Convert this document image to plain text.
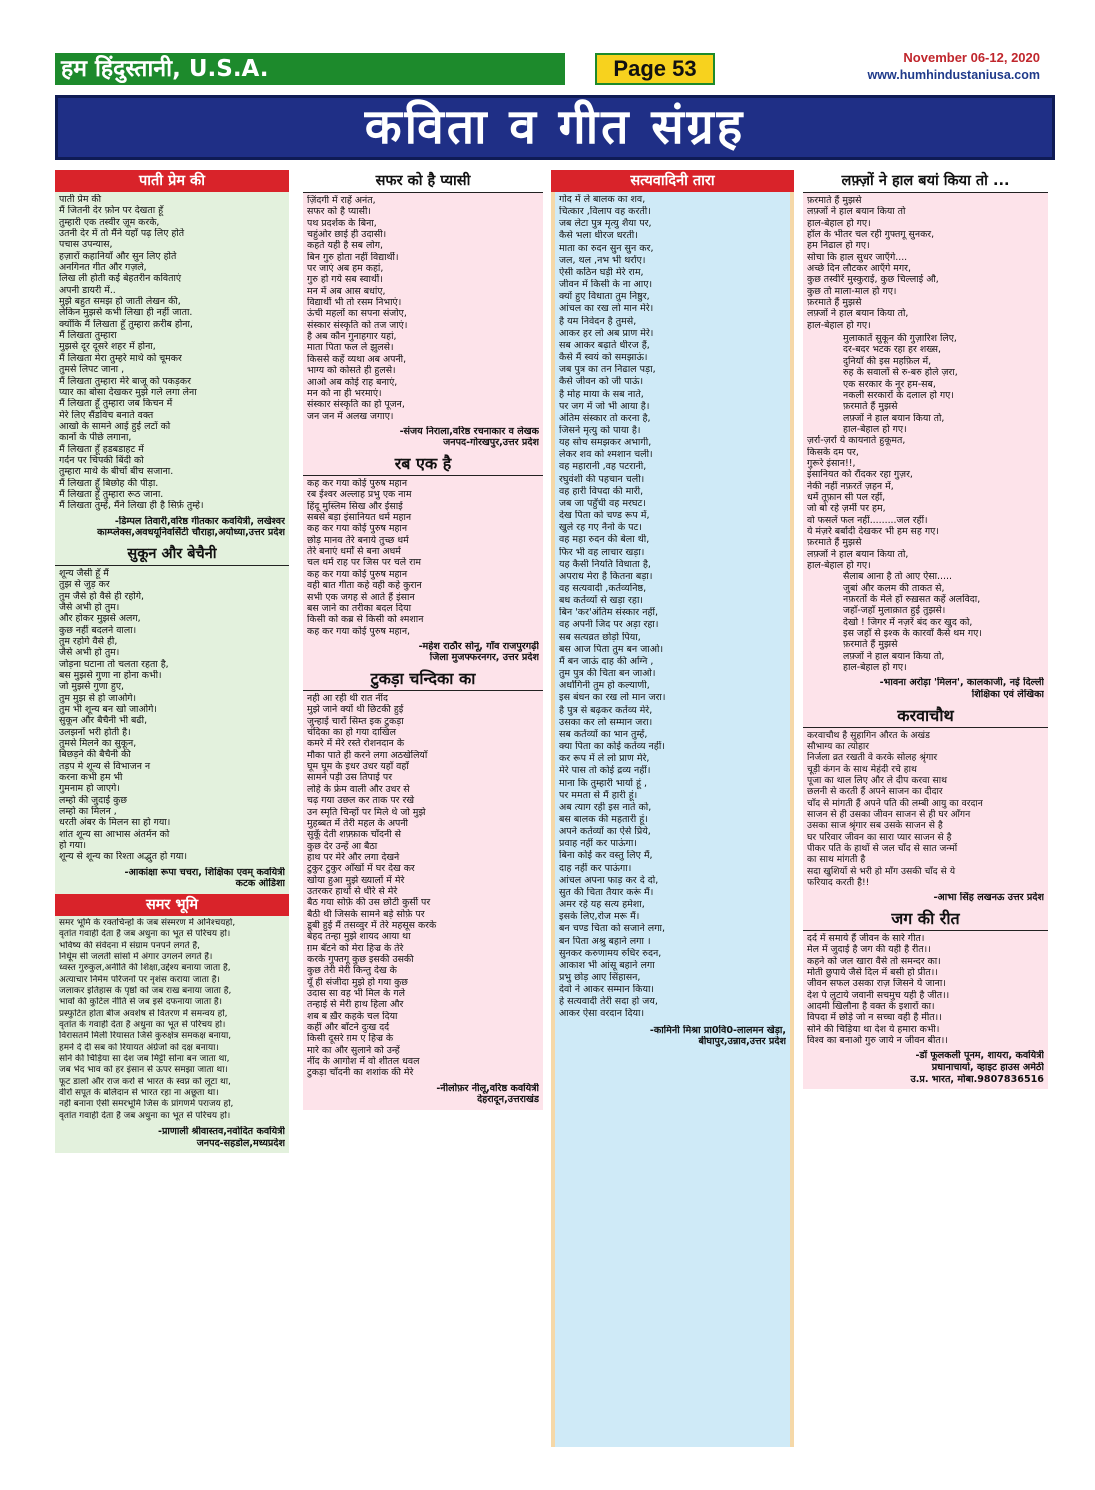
हम हिंदुस्तानी, U.S.A.	Page 53	November 06-12, 2020
www.humhindustaniusa.com
कविता व गीत संग्रह
पाती प्रेम की
पाती प्रेम की
मैं जितनी देर फ़ोन पर देखता हूँ
तुम्हारी एक तस्वीर ज़ूम करके,
उतनी देर में तो मैंने यहाँ पढ़ लिए होते
पचास उपन्यास,
हज़ारों कहानियाँ और सुन लिए होते
अनगिनत गीत और गज़ले,
लिख ली होती कई बेहतरीन कविताएं
अपनी डायरी में..
मुझे बहुत समझ हो जाती लेखन की,
लेकिन मुझसे कभी लिखा ही नहीं जाता.
क्योंकि मैं लिखता हूँ तुम्हारा क़रीब होना,
मैं लिखता तुम्हारा
मुझसे दूर दूसरे शहर में होना,
मैं लिखता मेरा तुम्हरे माथे को चूमकर
तुमसे लिपट जाना ,
मैं लिखता तुम्हारा मेरे बाजू को पकड़कर
प्यार का बोसा देखकर मुझे गले लगा लेना
मैं लिखता हूँ तुम्हारा जब किचन में
मेरे लिए सैंडविच बनाते वक्त
आखो के सामने आई हुई लटों को
कानों के पीछे लगाना,
मैं लिखता हूँ हडबडाहट में
गर्दन पर चिपकी बिंदी को
तुम्हारा माथे के बीचों बीच सजाना.
मैं लिखता हूँ बिछोह की पीड़ा.
मैं लिखता हूँ तुम्हारा रूठ जाना.
मैं लिखता तुम्हें, मैंने लिखा ही है सिर्फ़ तुम्हे।
-डिम्पल तिवारी,वरिष्ठ गीतकार कवयित्री, लखेश्वर
काम्प्लेक्स,अवधयूनिवर्सिटी चौराहा,अयोध्या,उत्तर प्रदेश
सुकून और बेचैनी
शून्य जैसी हूँ मैं
तुझ से जुड़ कर
तुम जैसे हो वैसे ही रहोगे,
जैसे अभी हो तुम।
और होकर मुझसे अलग,
कुछ नहीं बदलने वाला।
तुम रहोगे वैसे ही,
जैसे अभी हो तुम।
जोड़ना घटाना तो चलता रहता है,
बस मुझसे गुणा ना होना कभी।
जो मुझसे गुणा हुए,
तुम मुझ से हो जाओगे।
तुम भी शून्य बन खो जाओगे।
सुकून और बैचैनी भी बढी,
उलझनों भरी होती है।
तुमसे मिलने का सुकून,
बिछड़ने की बैचैनी की
तड़प मे शून्य से विभाजन न
करना कभी हम भी
गुमनाम हो जाएगे।
लम्हो की जुदाई कुछ
लम्हो का मिलन ,
धरती अंबर के मिलन सा हो गया।
शांत शून्य सा आभास अंतर्मन को
हो गया।
शून्य से शून्य का रिश्ता अद्भुत हो गया।
-आकांक्षा रूपा चचरा, शिक्षिका एवम् कवयित्री
कटक ओडिशा
समर भूमि
समर भूमि के रक्तचिन्हों के जब संस्मरण में अनिश्चयहो,
वृतांत गवाही देता है जब अधुना का भूत से परिचय हो।
भविष्य की संवेदना में संग्राम पनपने लगते हैं,
निर्धूम सी जलती सांसों में अंगार उगलने लगते हैं।
ध्वस्त गुरुकुल,अनीति की शिक्षा,उद्देश्य बनाया जाता है,
अत्याचार निर्मम परिजनों पर नृशंस कराया जाता है।
जलाकर इतिहास के पृष्ठों को जब राख बनाया जाता है,
भावों की कुटिल नीति से जब इसे दफनाया जाता है।
प्रस्फुटित होता बीज अवशेष से वितरण में समन्वय हो,
वृतांत के गवाही देता है अधुना का भूत से परिचय हो।
विरासतमें मिली रियासत जिसे कुरुक्षेत्र समकक्ष बनाया,
हमने दे दी सब को रियायत अंग्रेजों को दक्ष बनाया।
सोने की चिड़िया सा देश जब मिट्टी सोना बन जाता था,
जब भेद भाव को हर इंसान से ऊपर समझा जाता था।
फूट डालो और राज करो से भारत के स्वप्न को लूटा था,
वीरों सपूत के बलिदान से भारत रहा ना अछूता था।
नहीं बनाना ऐसी समरभूमि जिस के प्रांगणमें पराजय हो,
वृतांत गवाही देता है जब अधुना का भूत से परिचय हो।
-प्राणाली श्रीवास्तव,नवोदित कवयित्री
जनपद-सहडोल,मध्यप्रदेश
सफर को है प्यासी
ज़िंदगी में राहें अनंत,
सफर को है प्यासी।
पथ प्रदर्शक के बिना,
चहुंओर छाई ही उदासी।
कहते यही है सब लोग,
बिन गुरु होता नहीं विद्यार्थी।
पर जाएं अब हम कहां,
गुरु हो गये सब स्वार्थी।
मन में अब आस बधांए,
विद्यार्थी भी तो रसम निभाएं।
ऊंची महलों का सपना संजोए,
संस्कार संस्कृति को तज जाएं।
है अब कौन गुनाहगार यहां,
माता पिता फल ले झुलसे।
किससे कहें व्यथा अब अपनी,
भाग्य को कोसते ही हुलसे।
आओ अब कोई राह बनाएं,
मन को ना ही भरमाएं।
संस्कार संस्कृति का हो पूजन,
जन जन में अलख जगाए।
-संजय निराला,वरिष्ठ रचनाकार व लेखक
जनपद-गोरखपुर,उत्तर प्रदेश
रब एक है
कह कर गया कोई पुरुष महान
रब ईश्वर अल्लाह प्रभु एक नाम
हिंदू मुस्लिम सिख और ईसाई
सबसे बड़ा इंसानियत धर्म महान
कह कर गया कोई पुरुष महान
छोड़ मानव तेरे बनाये तुच्छ धर्म
तेरे बनाएं धर्मों से बना अधर्म
चल धर्म राह पर जिस पर चले राम
कह कर गया कोई पुरुष महान
वही बात गीता कहे वही कहे कुरान
सभी एक जगह से आते हैं इंसान
बस जाने का तरीका बदल दिया
किसी को कब्र से किसी को श्मशान
कह कर गया कोई पुरुष महान,
-महेश राठौर सोनू, गाँव राजपुरगढ़ी
जिला मुजफ्फरनगर, उत्तर प्रदेश
टुकड़ा चन्दिका का
नही आ रही थी रात नींद
मुझे जाने क्यों थी छिटकी हुई
जुन्हाई चारों सिम्त इक टुकड़ा
चंदिका का हो गया दाखिल
कमरे में मेरे रस्ते रोशनदान के
मौका पाते ही करने लगा अठखेलियाँ
घूम घूम के इधर उधर यहाँ वहाँ
सामने पड़ी उस तिपाई पर
लोहे के फ्रेम वाली और उधर से
चढ़ गया उछल कर ताक पर रखे
उन स्मृति चिन्हों पर मिले थे जो मुझे
मुहब्बत में तेरी महल के अपनी
सुकूँ देती शफ़्फ़ाक चाँदनी से
कुछ देर उन्हें आ बैठा
हाथ पर मेरे और लगा देखने
टुकुर टुकुर आँखों में घर देख कर
खोया हुआ मुझे ख्यालों में मेरे
उतरकर हाथों से धीरे से मेरे
बैठ गया सोफ़े की उस छोटी कुर्सी पर
बैठी थी जिसके सामने बड़े सोफ़े पर
डूबी हुई मैं तसव्वुर में तेरे महसूस करके
बेहद तन्हा मुझे शायद आया था
ग़म बँटने को मेरा हिज्र के तेरे
करके गुफ्तगू कुछ इसकी उसकी
कुछ तेरी मेरी किन्तु देख के
यूँ ही संजीदा मुझे हो गया कुछ
उदास सा वह भी मिल के गले
तन्हाई से मेरी हाथ हिला और
शब ब ख़ैर कहके चल दिया
कहीं और बाँटने दुःख दर्द
किसी दूसरे ग़म ए हिज्र के
मारे का और सुलाने को उन्हें
नींद के आगोश में वो शीतल धवल
टुकड़ा चाँदनी का शशांक की मेरे
-नीलोफ़र नीलू,वरिष्ठ कवयित्री
देहरादून,उत्तराखंड
सत्यवादिनी तारा
गोद में ले बालक का शव,
चित्कार ,विलाप वह करती।
जब लेटा पुत्र मृत्यु शैया पर,
कैसे भला धीरज धरती।
माता का रुदन सुन सुन कर,
जल, थल ,नभ भी थर्राए।
ऐसी कठिन घड़ी मेरे राम,
जीवन में किसी के ना आए।
क्यों हुए विधाता तुम निष्ठुर,
आंचल का रख लो मान मेरे।
है यम निवेदन है तुमसे,
आकर हर लो अब प्राण मेरे।
सब आकर बढ़ाते धीरज हैं,
कैसे मैं स्वयं को समझाऊं।
जब पुत्र का तन निढाल पड़ा,
कैसे जीवन को जी पाऊं।
है मोह माया के सब नाते,
पर जग में जो भी आया है।
अंतिम संस्कार तो करना है,
जिसने मृत्यु को पाया है।
यह सोच समझकर अभागी,
लेकर शव को श्मशान चली।
वह महारानी ,वह पटरानी,
रघुवंशी की पहचान चली।
वह हारी विपदा की मारी,
जब जा पहुँची वह मरघट।
देख पिता को चण्ड रूप में,
खुले रह गए नैनो के पट।
वह महा रुदन की बेला थी,
फिर भी वह लाचार खड़ा।
यह कैसी नियति विधाता है,
अपराध मेरा है कितना बड़ा।
वह सत्यवादी ,कर्तव्यनिष्ठ,
बध कर्तव्यों से खड़ा रहा।
बिन 'कर'अंतिम संस्कार नहीं,
वह अपनी जिद पर अड़ा रहा।
सब सत्यव्रत छोड़ो पिया,
बस आज पिता तुम बन जाओ।
मैं बन जाऊं दाह की अग्नि ,
तुम पुत्र की चिता बन जाओ।
अर्धांगिनी तुम हो कल्याणी,
इस बंधन का रख लो मान जरा।
है पुत्र से बढ़कर कर्तव्य मेरे,
उसका कर लो सम्मान जरा।
सब कर्तव्यों का भान तुम्हें,
क्या पिता का कोई कर्तव्य नहीं।
कर रूप में ले लो प्राण मेरे,
मेरे पास तो कोई द्रव्य नहीं।
माना कि तुम्हारी भार्या हूं ,
पर ममता से मैं हारी हूं।
अब त्याग रही इस नाते को,
बस बालक की महतारी हूं।
अपने कर्तव्यों का ऐसे प्रिये,
प्रवाह नहीं कर पाऊंगा।
बिना कोई कर वस्तु लिए मैं,
दाह नहीं कर पाऊंगा।
आंचल अपना फाड़ कर दे दो,
सुत की चिता तैयार करूं मैं।
अमर रहे यह सत्य हमेशा,
इसके लिए,रोज मरू मैं।
बन चण्ड चिता को सजाने लगा,
बन पिता अश्रु बहाने लगा ।
सुनकर करुणामय रुधिर रुदन,
आकाश भी आंसू बहाने लगा
प्रभु छोड़ आए सिंहासन,
देवो ने आकर सम्मान किया।
हे सत्यवादी तेरी सदा हो जय,
आकर ऐसा वरदान दिया।
-कामिनी मिश्रा प्रा0वि0-लालमन खेड़ा,
बीघापुर,उन्नाव,उत्तर प्रदेश
लफ़्ज़ों ने हाल बयां किया तो ...
फ़रमाते हैं मुझसे
लफ़्जों ने हाल बयान किया तो
हाल-बेहाल हो गए।
हॉल के भीतर चल रही गुफ्तगू सुनकर,
हम निढाल हो गए।
सोचा कि हाल सुधर जाएँगे....
अच्छे दिन लौटकर आएँगे मगर,
कुछ तस्वीरें मुस्कुराई, कुछ चिल्लाई औ,
कुछ तो माला-माल हो गए।
फ़रमाते हैं मुझसे
लफ़्जों ने हाल बयान किया तो,
हाल-बेहाल हो गए।
मुलाकातें सुकून की गुज़ारिश लिए,
दर-बदर भटक रहा हर शख्स,
दुनियाँ की इस महफ़िल में,
रुह के सवालों से रु-बरु होले ज़रा,
एक सरकार के नूर हम-सब,
नकली सरकारों के दलाल हो गए।
फ़रमाते हैं मुझसे
लफ़्जों ने हाल बयान किया तो,
हाल-बेहाल हो गए।
ज़र्रा-ज़र्रा ये कायनाते हुकूमत,
किसके दम पर,
गुरूरे इंसान!!,
इंसानियत को रौंदकर रहा गुज़र,
नेकी नहीं नफ़रतें ज़हन में,
धर्मे तूफ़ान सी पल रहीं,
जो बो रहे ज़र्मी पर हम,
वो फसलें फल नहीं.........जल रहीं।
ये मंज़रे बर्बादी देखकर भी हम सह गए।
फ़रमाते हैं मुझसे
लफ़्जों ने हाल बयान किया तो,
हाल-बेहाल हो गए।
सैलाब आना है तो आए ऐसा.....
जुबां और कलम की ताकत से,
नफ़रतों के मेले हों रुख़सत कहें अलविदा,
जहाँ-जहाँ मुलाक़ात हुई तुझसे।
देखो ! जिगर में नज़रें बंद कर खुद को,
इस जहाँ से इश्क के कारवाँ कैसे थम गए।
फ़रमाते हैं मुझसे
लफ़्जों ने हाल बयान किया तो,
हाल-बेहाल हो गए।
-भावना अरोड़ा 'मिलन', कालकाजी, नई दिल्ली
शिक्षिका एवं लेखिका
करवाचौथ
करवाचौथ है सुहागिन औरत के अखंड
सौभाग्य का त्योहार
निर्जला व्रत रखती वे करके सोलह श्रृंगार
चूड़ी कंगन के साथ मेहंदी रचे हाथ
पूजा का थाल लिए और ले दीप करवा साथ
छलनी से करती हैं अपने साजन का दीदार
चाँद से मांगती हैं अपने पति की लम्बी आयु का वरदान
साजन से ही उसका जीवन साजन से ही घर आँगन
उसका साज श्रृंगार सब उसके साजन से है
घर परिवार जीवन का सारा प्यार साजन से है
पीकर पति के हाथों से जल चाँद से सात जन्मों
का साथ मांगती है
सदा खुशियों से भरी हो माँग उसकी चाँद से ये
फरियाद करती है!!
-आभा सिंह लखनऊ उत्तर प्रदेश
जग की रीत
दर्द में समाये हैं जीवन के सारे गीत।
मेल में जुदाई है जग की यही है रीत।।
कहने को जल खारा वैसे तो समन्दर का।
मोती छुपाये जैसे दिल में बसी हो प्रीत।।
जीवन सफल उसका राज़ जिसने ये जाना।
देश पे लुटाये जवानी सचमुच यही है जीत।।
आदमी खिलौना है वक्त के इशारों का।
विपदा में छोड़े जो न सच्चा वही है मीत।।
सोने की चिड़िया था देश ये हमारा कभी।
विश्व का बनाओ गुरु जाये न जीवन बीत।।
-डॉ फूलकली पूनम, शायरा, कवयित्री
प्रधानाचार्या, व्हाइट हाउस अमेठी
उ.प्र. भारत, मोबा.9807836516
